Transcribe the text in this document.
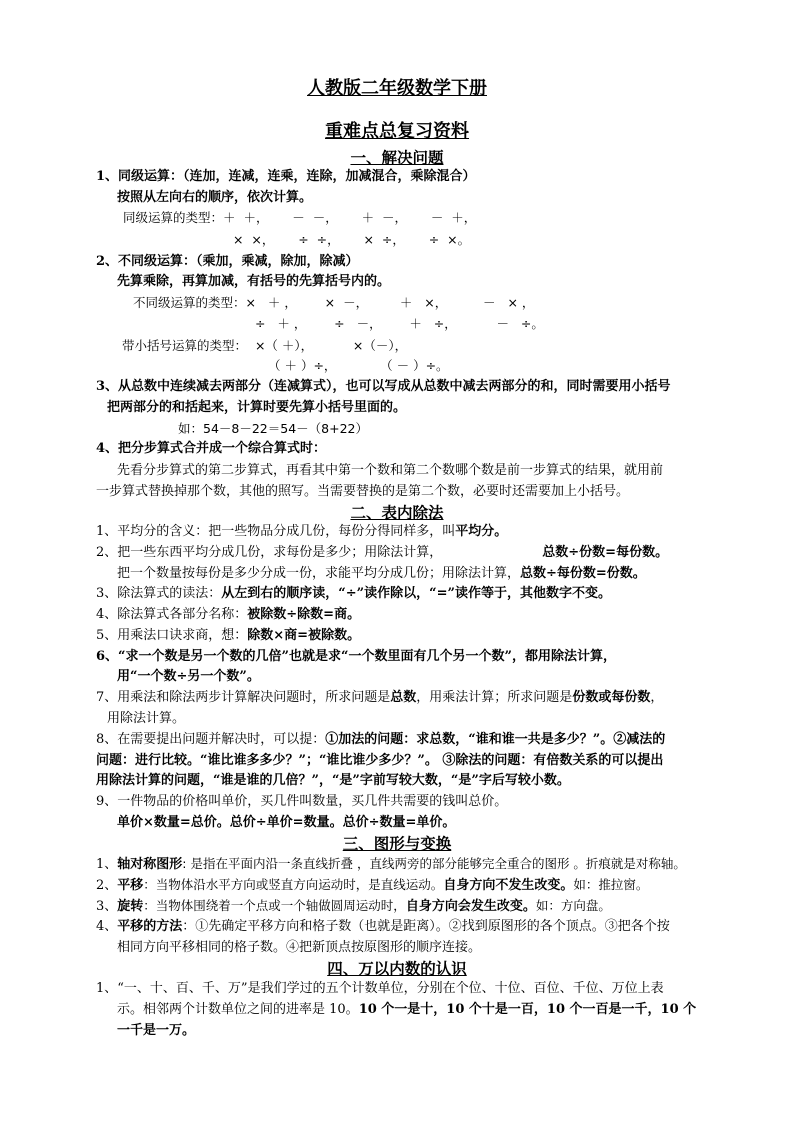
人教版二年级数学下册
重难点总复习资料
一、解决问题
1、同级运算：（连加，连减，连乘，连除，加减混合，乘除混合）
按照从左向右的顺序，依次计算。
同级运算的类型：＋  ＋，      －  －，      ＋  －，      －  ＋，
×  ×，      ÷  ÷，      ×  ÷，      ÷  ×。
2、不同级运算：（乘加，乘减，除加，除减）
先算乘除，再算加减，有括号的先算括号内的。
不同级运算的类型：×   ＋ ，       ×  －，        ＋   ×，         －   × ，
÷   ＋ ，       ÷   －，       ＋   ÷，          －   ÷。
带小括号运算的类型：  ×（ ＋），          ×（－），
（ ＋ ）÷，           （ － ）÷。
3、从总数中连续减去两部分（连减算式），也可以写成从总数中减去两部分的和，同时需要用小括号
把两部分的和括起来，计算时要先算小括号里面的。
如：54－8－22＝54－（8+22）
4、把分步算式合并成一个综合算式时：
先看分步算式的第二步算式，再看其中第一个数和第二个数哪个数是前一步算式的结果，就用前
一步算式替换掉那个数，其他的照写。当需要替换的是第二个数，必要时还需要加上小括号。
二、表内除法
1、平均分的含义：把一些物品分成几份，每份分得同样多，叫平均分。
2、把一些东西平均分成几份，求每份是多少；用除法计算，	总数÷份数=每份数。
把一个数量按每份是多少分成一份，求能平均分成几份；用除法计算，总数÷每份数=份数。
3、除法算式的读法：从左到右的顺序读，“÷”读作除以，“=”读作等于，其他数字不变。
4、除法算式各部分名称：被除数÷除数=商。
5、用乘法口诀求商，想：除数×商=被除数。
6、“求一个数是另一个数的几倍”也就是求“一个数里面有几个另一个数”，都用除法计算，
用“一个数÷另一个数”。
7、用乘法和除法两步计算解决问题时，所求问题是总数，用乘法计算；所求问题是份数或每份数，
用除法计算。
8、在需要提出问题并解决时，可以提：①加法的问题：求总数，“谁和谁一共是多少？”。②减法的
问题：进行比较。“谁比谁多多少？”；“谁比谁少多少？”。 ③除法的问题：有倍数关系的可以提出
用除法计算的问题，“谁是谁的几倍？”，“是”字前写较大数，“是”字后写较小数。
9、一件物品的价格叫单价，买几件叫数量，买几件共需要的钱叫总价。
单价×数量=总价。总价÷单价=数量。总价÷数量=单价。
三、图形与变换
1、轴对称图形: 是指在平面内沿一条直线折叠 ，直线两旁的部分能够完全重合的图形 。折痕就是对称轴。
2、平移：当物体沿水平方向或竖直方向运动时，是直线运动。自身方向不发生改变。如：推拉窗。
3、旋转：当物体围绕着一个点或一个轴做圆周运动时，自身方向会发生改变。如：方向盘。
4、平移的方法：①先确定平移方向和格子数（也就是距离）。②找到原图形的各个顶点。③把各个按
相同方向平移相同的格子数。④把新顶点按原图形的顺序连接。
四、万以内数的认识
1、“一、十、百、千、万”是我们学过的五个计数单位，分别在个位、十位、百位、千位、万位上表
示。相邻两个计数单位之间的进率是 10。10 个一是十，10 个十是一百，10 个一百是一千，10 个
一千是一万。
